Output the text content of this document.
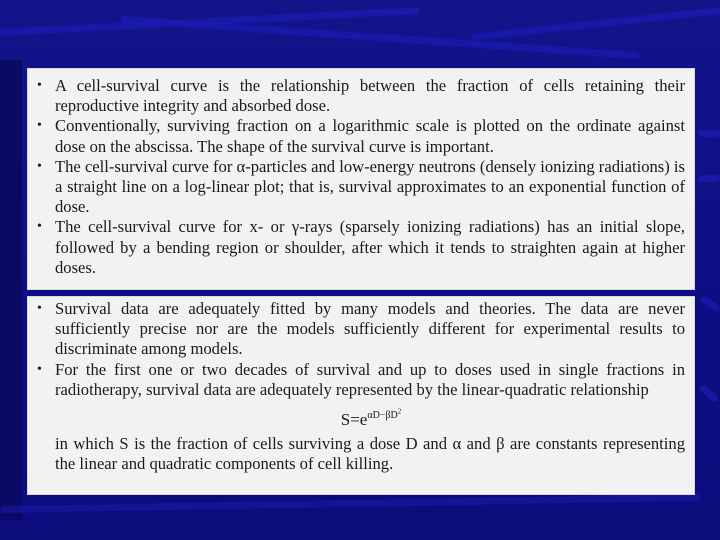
• A cell-survival curve is the relationship between the fraction of cells retaining their reproductive integrity and absorbed dose.
• Conventionally, surviving fraction on a logarithmic scale is plotted on the ordinate against dose on the abscissa. The shape of the survival curve is important.
• The cell-survival curve for α-particles and low-energy neutrons (densely ionizing radiations) is a straight line on a log-linear plot; that is, survival approximates to an exponential function of dose.
• The cell-survival curve for x- or γ-rays (sparsely ionizing radiations) has an initial slope, followed by a bending region or shoulder, after which it tends to straighten again at higher doses.
• Survival data are adequately fitted by many models and theories. The data are never sufficiently precise nor are the models sufficiently different for experimental results to discriminate among models.
• For the first one or two decades of survival and up to doses used in single fractions in radiotherapy, survival data are adequately represented by the linear-quadratic relationship
$S=e^{\alpha D-\beta D^2}$
in which S is the fraction of cells surviving a dose D and α and β are constants representing the linear and quadratic components of cell killing.
